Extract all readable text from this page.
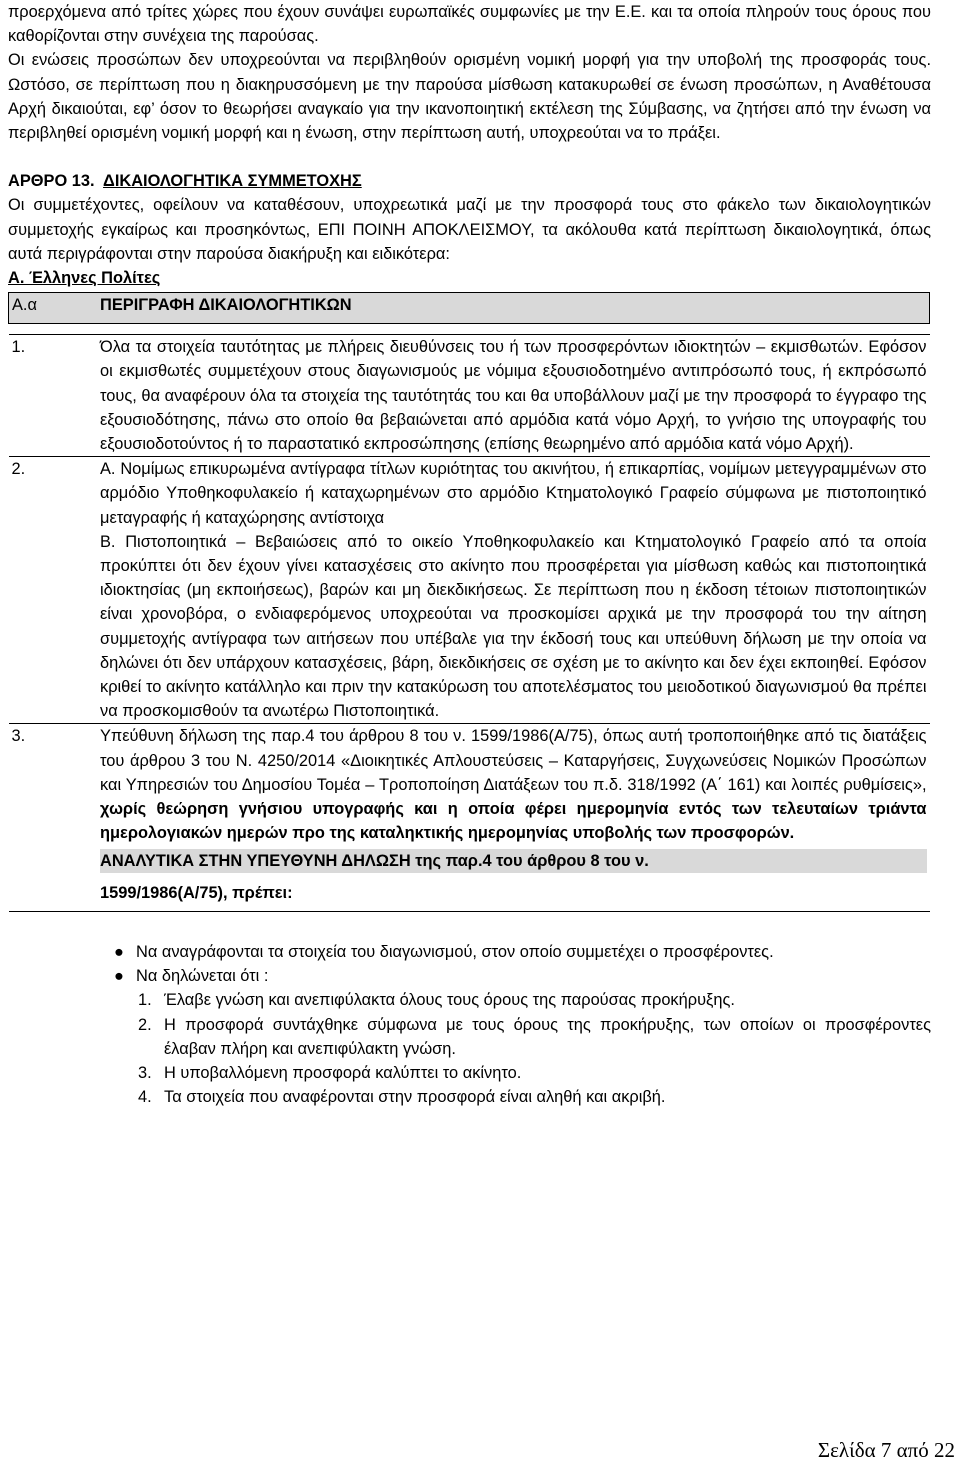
προερχόμενα από τρίτες χώρες που έχουν συνάψει ευρωπαϊκές συμφωνίες με την Ε.Ε. και τα οποία πληρούν τους όρους που καθορίζονται στην συνέχεια της παρούσας.

Οι ενώσεις προσώπων δεν υποχρεούνται να περιβληθούν ορισμένη νομική μορφή για την υποβολή της προσφοράς τους. Ωστόσο, σε περίπτωση που η διακηρυσσόμενη με την παρούσα μίσθωση κατακυρωθεί σε ένωση προσώπων, η Αναθέτουσα Αρχή δικαιούται, εφ’ όσον το θεωρήσει αναγκαίο για την ικανοποιητική εκτέλεση της Σύμβασης, να ζητήσει από την ένωση να περιβληθεί ορισμένη νομική μορφή και η ένωση, στην περίπτωση αυτή, υποχρεούται να το πράξει.

ΑΡΘΡΟ 13. ΔΙΚΑΙΟΛΟΓΗΤΙΚΑ ΣΥΜΜΕΤΟΧΗΣ

Οι συμμετέχοντες, οφείλουν να καταθέσουν, υποχρεωτικά μαζί με την προσφορά τους στο φάκελο των δικαιολογητικών συμμετοχής εγκαίρως και προσηκόντως, ΕΠΙ ΠΟΙΝΗ ΑΠΟΚΛΕΙΣΜΟΥ, τα ακόλουθα κατά περίπτωση δικαιολογητικά, όπως αυτά περιγράφονται στην παρούσα διακήρυξη και ειδικότερα:

Α. Έλληνες Πολίτες

Α.α	ΠΕΡΙΓΡΑΦΗ ΔΙΚΑΙΟΛΟΓΗΤΙΚΩΝ

1.	Όλα τα στοιχεία ταυτότητας με πλήρεις διευθύνσεις του ή των προσφερόντων ιδιοκτητών – εκμισθωτών. Εφόσον οι εκμισθωτές συμμετέχουν στους διαγωνισμούς με νόμιμα εξουσιοδοτημένο αντιπρόσωπό τους, ή εκπρόσωπό τους, θα αναφέρουν όλα τα στοιχεία της ταυτότητάς του και θα υποβάλλουν μαζί με την προσφορά το έγγραφο της εξουσιοδότησης, πάνω στο οποίο θα βεβαιώνεται από αρμόδια κατά νόμο Αρχή, το γνήσιο της υπογραφής του εξουσιοδοτούντος ή το παραστατικό εκπροσώπησης (επίσης θεωρημένο από αρμόδια κατά νόμο Αρχή).

2.	Α. Νομίμως επικυρωμένα αντίγραφα τίτλων κυριότητας του ακινήτου, ή επικαρπίας, νομίμων μετεγγραμμένων στο αρμόδιο Υποθηκοφυλακείο ή καταχωρημένων στο αρμόδιο Κτηματολογικό Γραφείο σύμφωνα με πιστοποιητικό μεταγραφής ή καταχώρησης αντίστοιχα

Β. Πιστοποιητικά – Βεβαιώσεις από το οικείο Υποθηκοφυλακείο και Κτηματολογικό Γραφείο από τα οποία προκύπτει ότι δεν έχουν γίνει κατασχέσεις στο ακίνητο που προσφέρεται για μίσθωση καθώς και πιστοποιητικά ιδιοκτησίας (μη εκποιήσεως), βαρών και μη διεκδικήσεως. Σε περίπτωση που η έκδοση τέτοιων πιστοποιητικών είναι χρονοβόρα, ο ενδιαφερόμενος υποχρεούται να προσκομίσει αρχικά με την προσφορά του την αίτηση συμμετοχής αντίγραφα των αιτήσεων που υπέβαλε για την έκδοσή τους και υπεύθυνη δήλωση με την οποία να δηλώνει ότι δεν υπάρχουν κατασχέσεις, βάρη, διεκδικήσεις σε σχέση με το ακίνητο και δεν έχει εκποιηθεί. Εφόσον κριθεί το ακίνητο κατάλληλο και πριν την κατακύρωση του αποτελέσματος του μειοδοτικού διαγωνισμού θα πρέπει να προσκομισθούν τα ανωτέρω Πιστοποιητικά.

3.	Υπεύθυνη δήλωση της παρ.4 του άρθρου 8 του ν. 1599/1986(Α/75), όπως αυτή τροποποιήθηκε από τις διατάξεις του άρθρου 3 του Ν. 4250/2014 «Διοικητικές Απλουστεύσεις – Καταργήσεις, Συγχωνεύσεις Νομικών Προσώπων και Υπηρεσιών του Δημοσίου Τομέα – Τροποποίηση Διατάξεων του π.δ. 318/1992 (Α΄ 161) και λοιπές ρυθμίσεις», χωρίς θεώρηση γνήσιου υπογραφής και η οποία φέρει ημερομηνία εντός των τελευταίων τριάντα ημερολογιακών ημερών προ της καταληκτικής ημερομηνίας υποβολής των προσφορών.

ΑΝΑΛΥΤΙΚΑ ΣΤΗΝ ΥΠΕΥΘΥΝΗ ΔΗΛΩΣΗ της παρ.4 του άρθρου 8 του ν.

1599/1986(Α/75), πρέπει:

● Να αναγράφονται τα στοιχεία του διαγωνισμού, στον οποίο συμμετέχει ο προσφέροντες.
● Να δηλώνεται ότι :
1. Έλαβε γνώση και ανεπιφύλακτα όλους τους όρους της παρούσας προκήρυξης.
2. Η προσφορά συντάχθηκε σύμφωνα με τους όρους της προκήρυξης, των οποίων οι προσφέροντες έλαβαν πλήρη και ανεπιφύλακτη γνώση.
3. Η υποβαλλόμενη προσφορά καλύπτει το ακίνητο.
4. Τα στοιχεία που αναφέρονται στην προσφορά είναι αληθή και ακριβή.
Σελίδα 7 από 22
